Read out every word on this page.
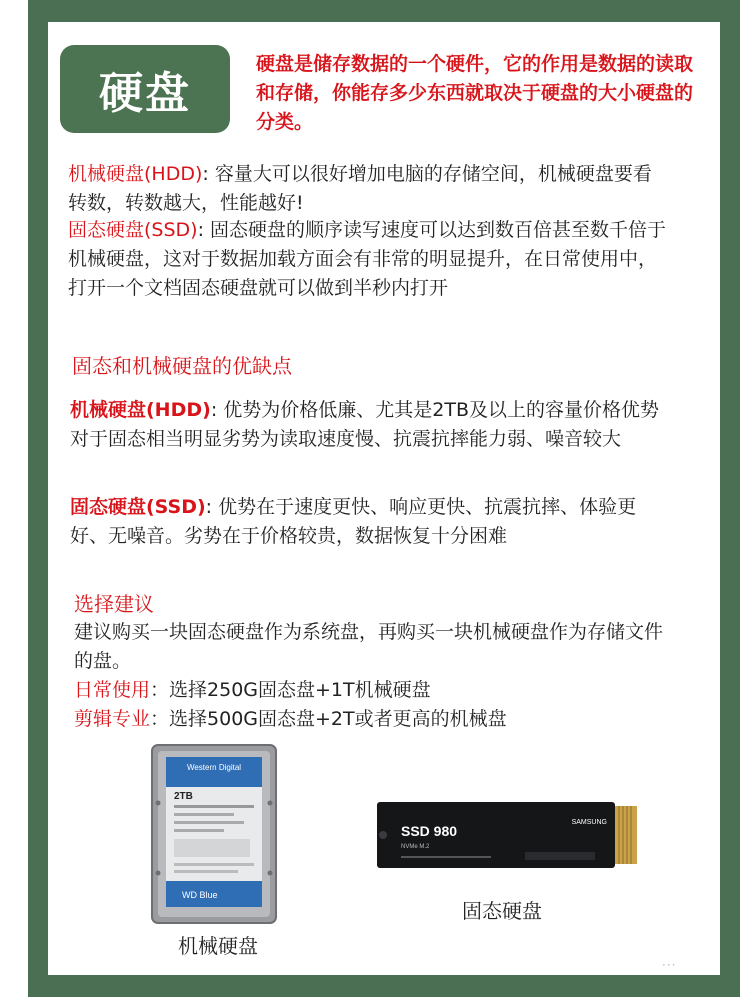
硬盘
硬盘是储存数据的一个硬件，它的作用是数据的读取和存储，你能存多少东西就取决于硬盘的大小硬盘的分类。
机械硬盘(HDD): 容量大可以很好增加电脑的存储空间，机械硬盘要看转数，转数越大，性能越好!
固态硬盘(SSD): 固态硬盘的顺序读写速度可以达到数百倍甚至数千倍于机械硬盘，这对于数据加载方面会有非常的明显提升，在日常使用中，打开一个文档固态硬盘就可以做到半秒内打开
固态和机械硬盘的优缺点
机械硬盘(HDD): 优势为价格低廉、尤其是2TB及以上的容量价格优势对于固态相当明显劣势为读取速度慢、抗震抗摔能力弱、噪音较大
固态硬盘(SSD): 优势在于速度更快、响应更快、抗震抗摔、体验更好、无噪音。劣势在于价格较贵，数据恢复十分困难
选择建议
建议购买一块固态硬盘作为系统盘，再购买一块机械硬盘作为存储文件的盘。
日常使用：选择250G固态盘+1T机械硬盘
剪辑专业：选择500G固态盘+2T或者更高的机械盘
Western Digital
2TB
WD Blue
SSD 980
NVMe M.2
SAMSUNG
固态硬盘
机械硬盘
···
